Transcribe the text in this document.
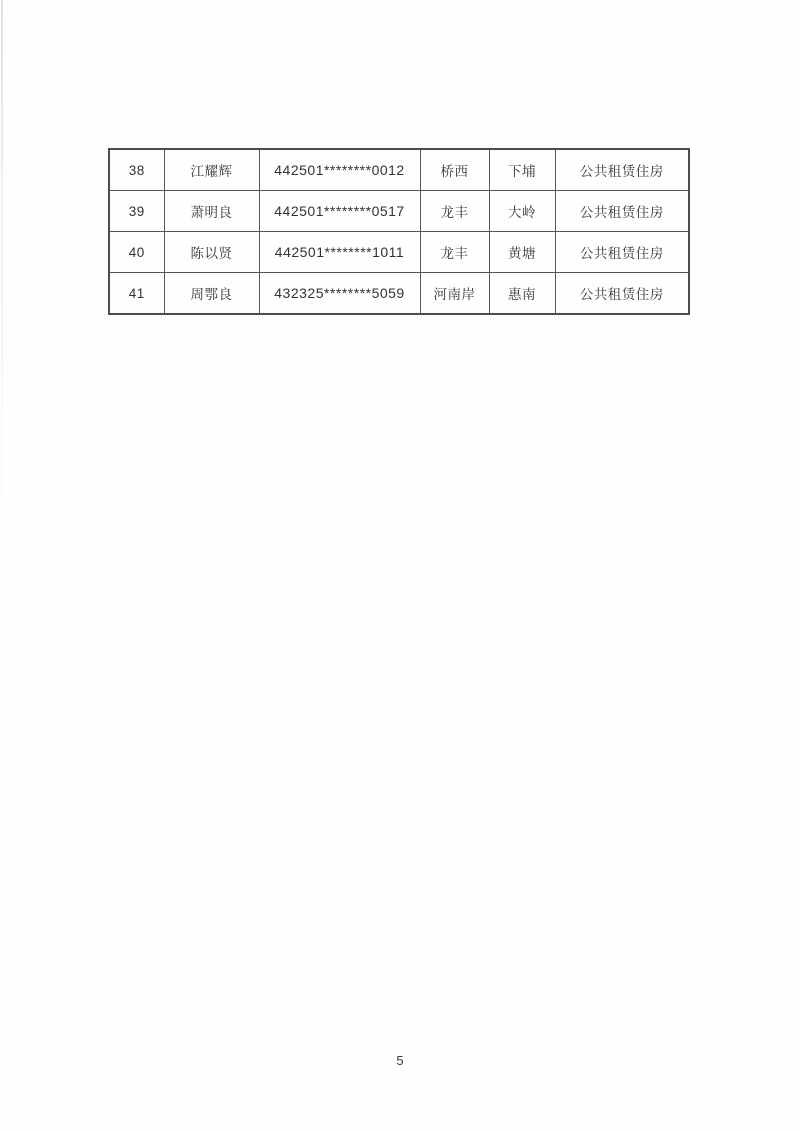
38	江耀辉	442501********0012	桥西	下埔	公共租赁住房
39	萧明良	442501********0517	龙丰	大岭	公共租赁住房
40	陈以贤	442501********1011	龙丰	黄塘	公共租赁住房
41	周鄂良	432325********5059	河南岸	惠南	公共租赁住房
5
